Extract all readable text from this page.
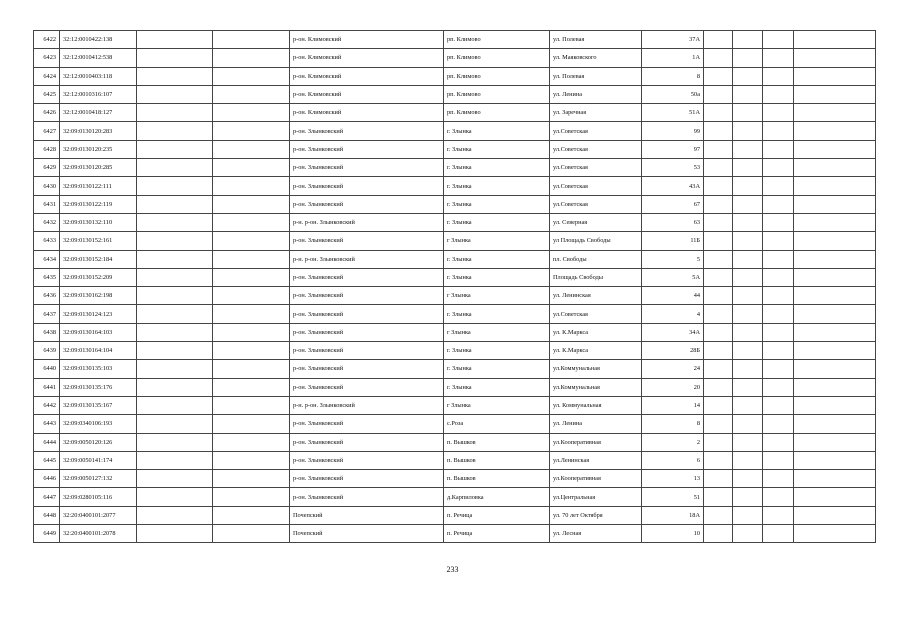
6422	32:12:0010422:138			р-он. Климовский	рп. Климово	ул. Полевая	37А				
6423	32:12:0010412:538			р-он. Климовский	рп. Климово	ул. Маяковского	1А				
6424	32:12:0010403:118			р-он. Климовский	рп. Климово	ул. Полевая	8				
6425	32:12:0010316:107			р-он. Климовский	рп. Климово	ул. Ленина	50а				
6426	32:12:0010418:127			р-он. Климовский	рп. Климово	ул. Заречная	51А				
6427	32:09:0130120:283			р-он. Злынковский	г. Злынка	ул.Советская	99				
6428	32:09:0130120:235			р-он. Злынковский	г. Злынка	ул.Советская	97				
6429	32:09:0130120:285			р-он. Злынковский	г. Злынка	ул.Советская	53				
6430	32:09:0130122:111			р-он. Злынковский	г. Злынка	ул.Советская	43А				
6431	32:09:0130122:119			р-он. Злынковский	г. Злынка	ул.Советская	67				
6432	32:09:0130132:110			р-н. р-он. Злынковский	г. Злынка	ул. Северная	63				
6433	32:09:0130152:161			р-он. Злынковский	г Злынка	ул Площадь Свободы	11Б				
6434	32:09:0130152:184			р-н. р-он. Злынковский	г. Злынка	пл. Свободы	5				
6435	32:09:0130152:209			р-он. Злынковский	г. Злынка	Площадь Свободы	5А				
6436	32:09:0130162:198			р-он. Злынковский	г Злынка	ул. Ленинская	44				
6437	32:09:0130124:123			р-он. Злынковский	г. Злынка	ул.Советская	4				
6438	32:09:0130164:103			р-он. Злынковский	г Злынка	ул. К.Маркса	34А				
6439	32:09:0130164:104			р-он. Злынковский	г. Злынка	ул. К.Маркса	28Б				
6440	32:09:0130135:103			р-он. Злынковский	г. Злынка	ул.Коммунальная	24				
6441	32:09:0130135:176			р-он. Злынковский	г. Злынка	ул.Коммунальная	20				
6442	32:09:0130135:167			р-н. р-он. Злынковский	г Злынка	ул. Коммунальная	14				
6443	32:09:0340106:193			р-он. Злынковский	с.Роза	ул. Ленина	8				
6444	32:09:0050120:126			р-он. Злынковский	п. Вышков	ул.Кооперативная	2				
6445	32:09:0050141:174			р-он. Злынковский	п. Вышков	ул.Ленинская	6				
6446	32:09:0050127:132			р-он. Злынковский	п. Вышков	ул.Кооперативная	13				
6447	32:09:0280105:116			р-он. Злынковский	д.Карпиловка	ул.Центральная	51				
6448	32:20:0400101:2077			Почепский	п. Речица	ул. 70 лет Октября	18А				
6449	32:20:0400101:2078			Почепский	п. Речица	ул. Лесная	10				
233
